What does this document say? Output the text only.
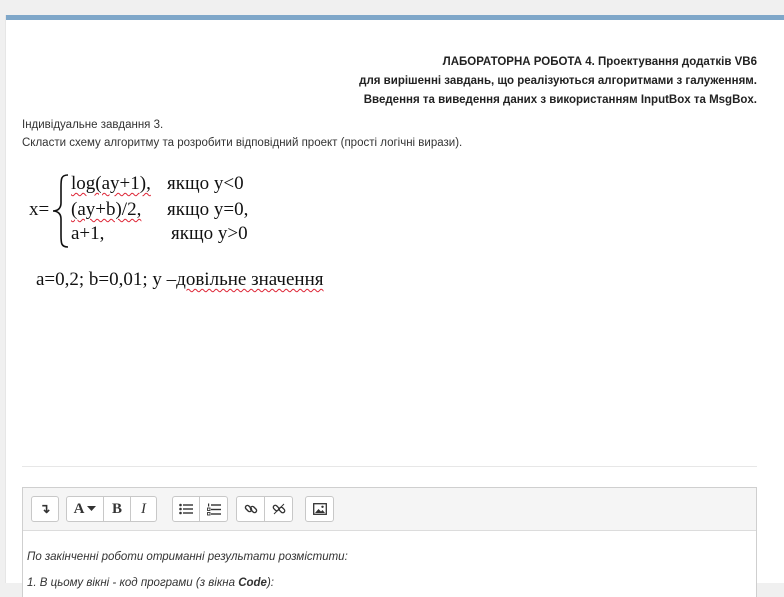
ЛАБОРАТОРНА РОБОТА 4. Проектування додатків VB6
для вирішенні завдань, що реалізуються алгоритмами з галуженням.
Введення та виведення даних з використанням InputBox та MsgBox.
Індивідуальне завдання 3.
Скласти схему алгоритму та розробити відповідний проект (прості логічні вирази).
x=
log(ay+1), якщо y<0
(ay+b)/2, якщо y=0,
a+1,	якщо y>0
a=0,2; b=0,01; y –довільне значення
↴	A	B	I
По закінченні роботи отриманні результати розмістити:
1. В цьому вікні - код програми (з вікна Code):
